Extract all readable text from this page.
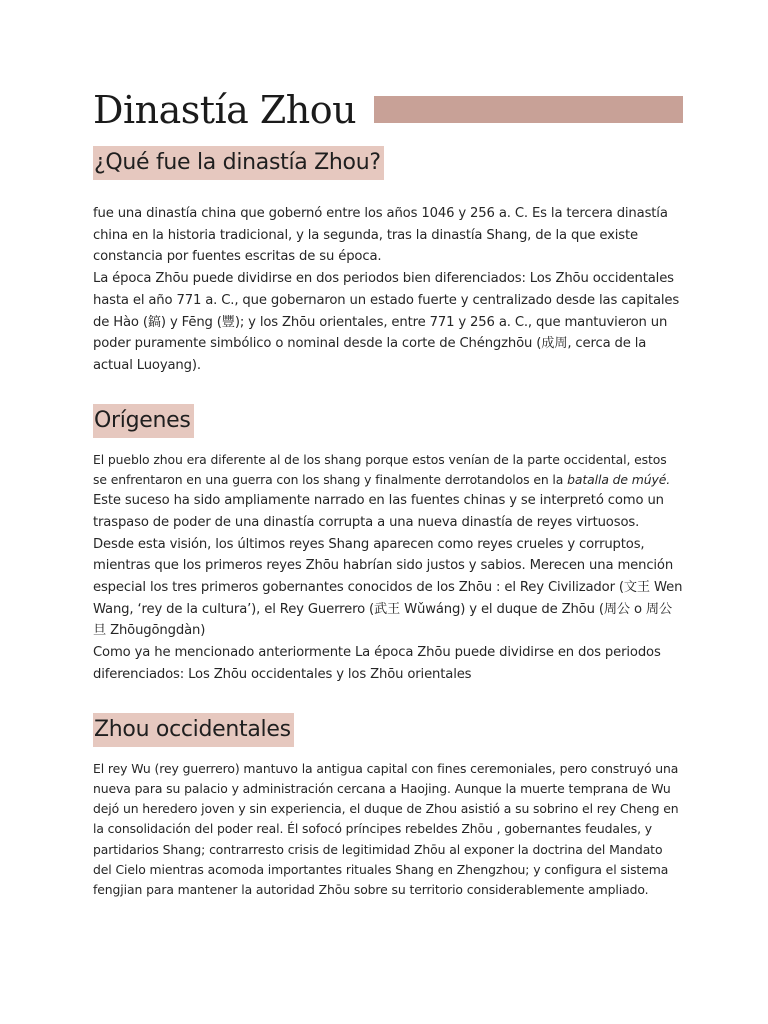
Dinastía Zhou
¿Qué fue la dinastía Zhou?

fue una dinastía china que gobernó entre los años 1046 y 256 a. C. Es la tercera dinastía china en la historia tradicional, y la segunda, tras la dinastía Shang, de la que existe constancia por fuentes escritas de su época.

La época Zhōu puede dividirse en dos periodos bien diferenciados: Los Zhōu occidentales hasta el año 771 a. C., que gobernaron un estado fuerte y centralizado desde las capitales de Hào (鎬) y Fēng (豐); y los Zhōu orientales, entre 771 y 256 a. C., que mantuvieron un poder puramente simbólico o nominal desde la corte de Chéngzhōu (成周, cerca de la actual Luoyang).

Orígenes

El pueblo zhou era diferente al de los shang porque estos venían de la parte occidental, estos se enfrentaron en una guerra con los shang y finalmente derrotandolos en la batalla de múyé.

Este suceso ha sido ampliamente narrado en las fuentes chinas y se interpretó como un traspaso de poder de una dinastía corrupta a una nueva dinastía de reyes virtuosos. Desde esta visión, los últimos reyes Shang aparecen como reyes crueles y corruptos, mientras que los primeros reyes Zhōu habrían sido justos y sabios. Merecen una mención especial los tres primeros gobernantes conocidos de los Zhōu : el Rey Civilizador (文王 Wen Wang, ‘rey de la cultura’), el Rey Guerrero (武王 Wǔwáng) y el duque de Zhōu (周公 o 周公旦 Zhōugōngdàn)

Como ya he mencionado anteriormente La época Zhōu puede dividirse en dos periodos diferenciados: Los Zhōu occidentales y los Zhōu orientales

Zhou occidentales

El rey Wu (rey guerrero) mantuvo la antigua capital con fines ceremoniales, pero construyó una nueva para su palacio y administración cercana a Haojing. Aunque la muerte temprana de Wu dejó un heredero joven y sin experiencia, el duque de Zhou asistió a su sobrino el rey Cheng en la consolidación del poder real. Él sofocó príncipes rebeldes Zhōu , gobernantes feudales, y partidarios Shang; contrarresto crisis de legitimidad Zhōu al exponer la doctrina del Mandato del Cielo mientras acomoda importantes rituales Shang en Zhengzhou; y configura el sistema fengjian para mantener la autoridad Zhōu sobre su territorio considerablemente ampliado.
